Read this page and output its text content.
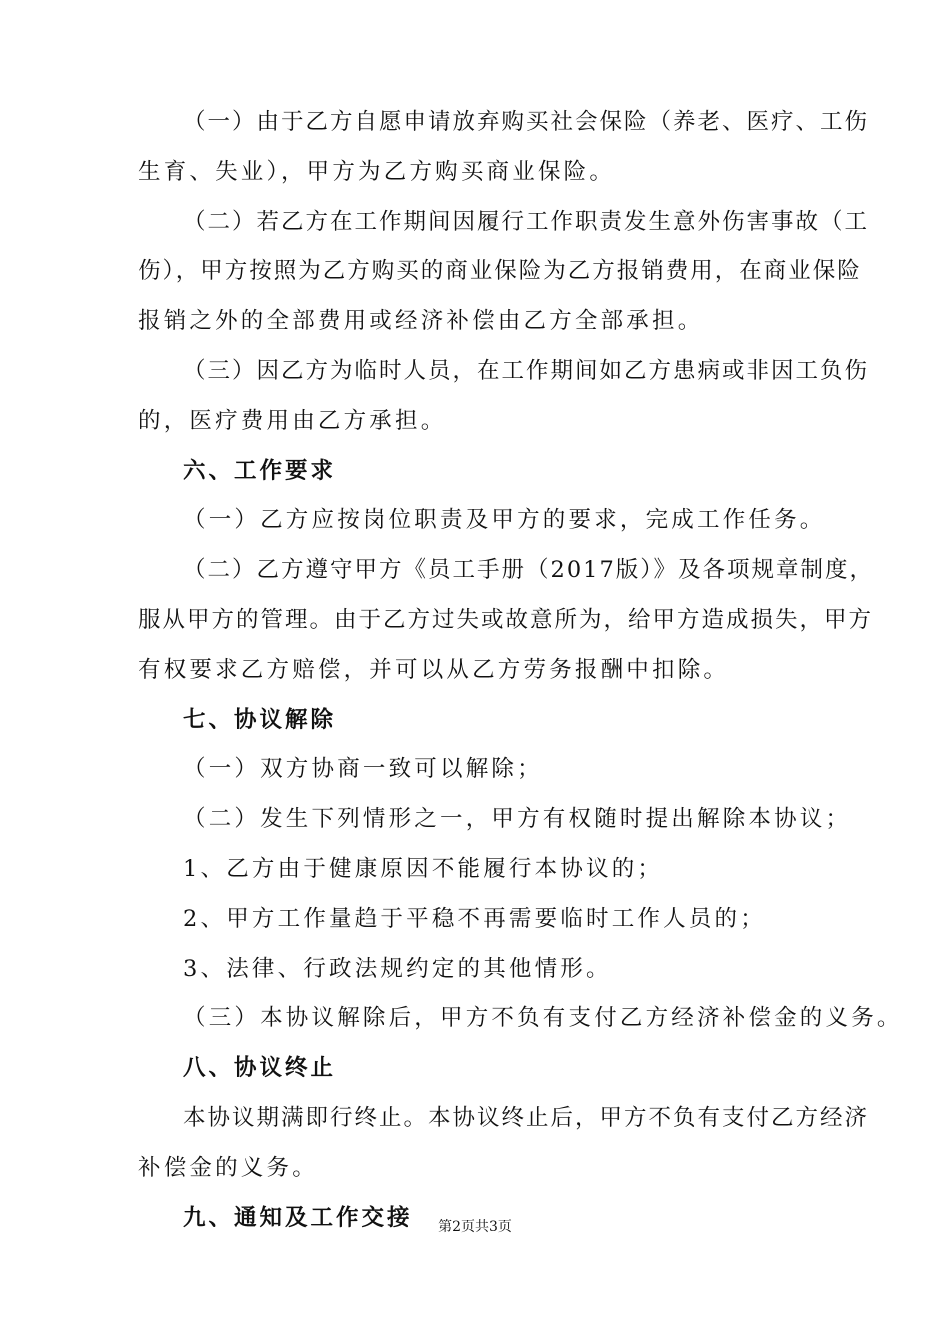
（一）由于乙方自愿申请放弃购买社会保险（养老、医疗、工伤
生育、失业），甲方为乙方购买商业保险。
（二）若乙方在工作期间因履行工作职责发生意外伤害事故（工
伤），甲方按照为乙方购买的商业保险为乙方报销费用，在商业保险
报销之外的全部费用或经济补偿由乙方全部承担。
（三）因乙方为临时人员，在工作期间如乙方患病或非因工负伤
的，医疗费用由乙方承担。
六、工作要求
（一）乙方应按岗位职责及甲方的要求，完成工作任务。
（二）乙方遵守甲方《员工手册（2017版）》及各项规章制度，
服从甲方的管理。由于乙方过失或故意所为，给甲方造成损失，甲方
有权要求乙方赔偿，并可以从乙方劳务报酬中扣除。
七、协议解除
（一）双方协商一致可以解除；
（二）发生下列情形之一，甲方有权随时提出解除本协议；
1、乙方由于健康原因不能履行本协议的；
2、甲方工作量趋于平稳不再需要临时工作人员的；
3、法律、行政法规约定的其他情形。
（三）本协议解除后，甲方不负有支付乙方经济补偿金的义务。
八、协议终止
本协议期满即行终止。本协议终止后，甲方不负有支付乙方经济
补偿金的义务。
九、通知及工作交接	第2页共3页
